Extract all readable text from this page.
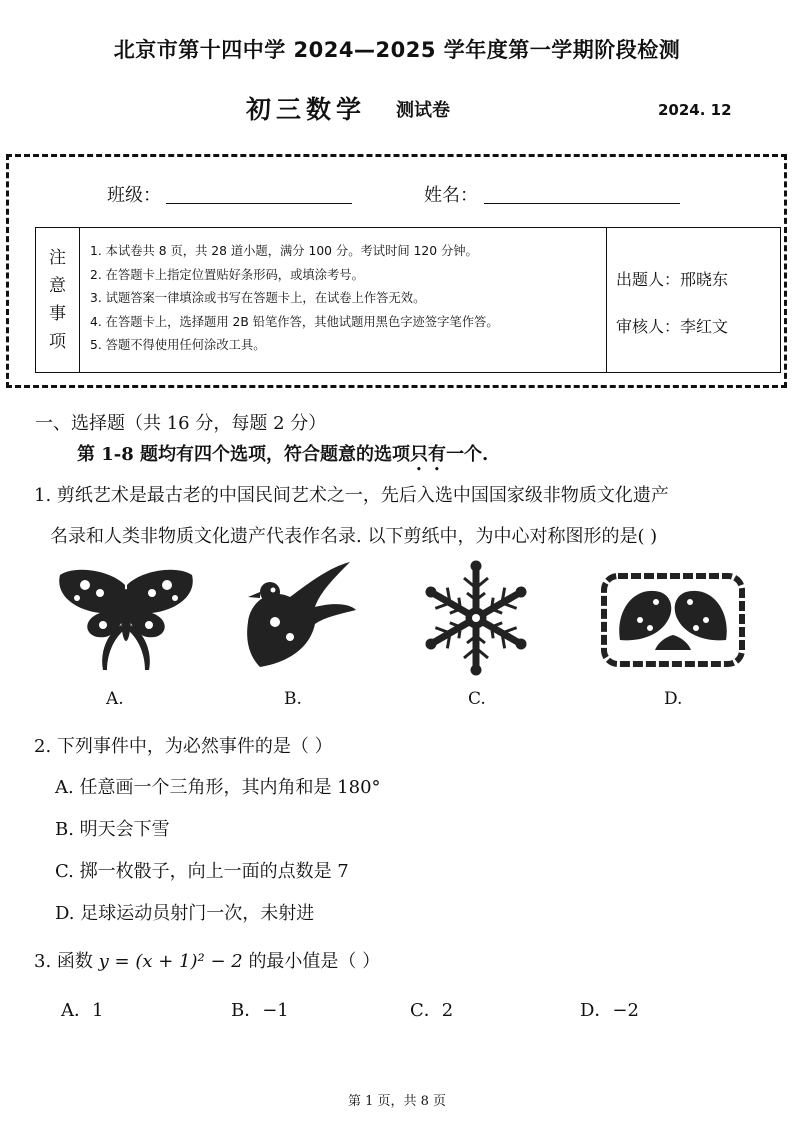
北京市第十四中学 2024—2025 学年度第一学期阶段检测
初三数学 测试卷	2024. 12
班级：	姓名：
注
意
事
项
1. 本试卷共 8 页，共 28 道小题，满分 100 分。考试时间 120 分钟。
2. 在答题卡上指定位置贴好条形码，或填涂考号。
3. 试题答案一律填涂或书写在答题卡上，在试卷上作答无效。
4. 在答题卡上，选择题用 2B 铅笔作答，其他试题用黑色字迹签字笔作答。
5. 答题不得使用任何涂改工具。
出题人：邢晓东
审核人：李红文
一、选择题（共 16 分，每题 2 分）
第 1-8 题均有四个选项，符合题意的选项只有一个.
1. 剪纸艺术是最古老的中国民间艺术之一，先后入选中国国家级非物质文化遗产
名录和人类非物质文化遗产代表作名录. 以下剪纸中，为中心对称图形的是( )
A.	B.	C.	D.
2. 下列事件中，为必然事件的是（ ）
A. 任意画一个三角形，其内角和是 180°
B. 明天会下雪
C. 掷一枚骰子，向上一面的点数是 7
D. 足球运动员射门一次，未射进
3. 函数 y = (x + 1)² − 2 的最小值是（ ）
A．1	B．−1	C．2	D．−2
第 1 页，共 8 页
